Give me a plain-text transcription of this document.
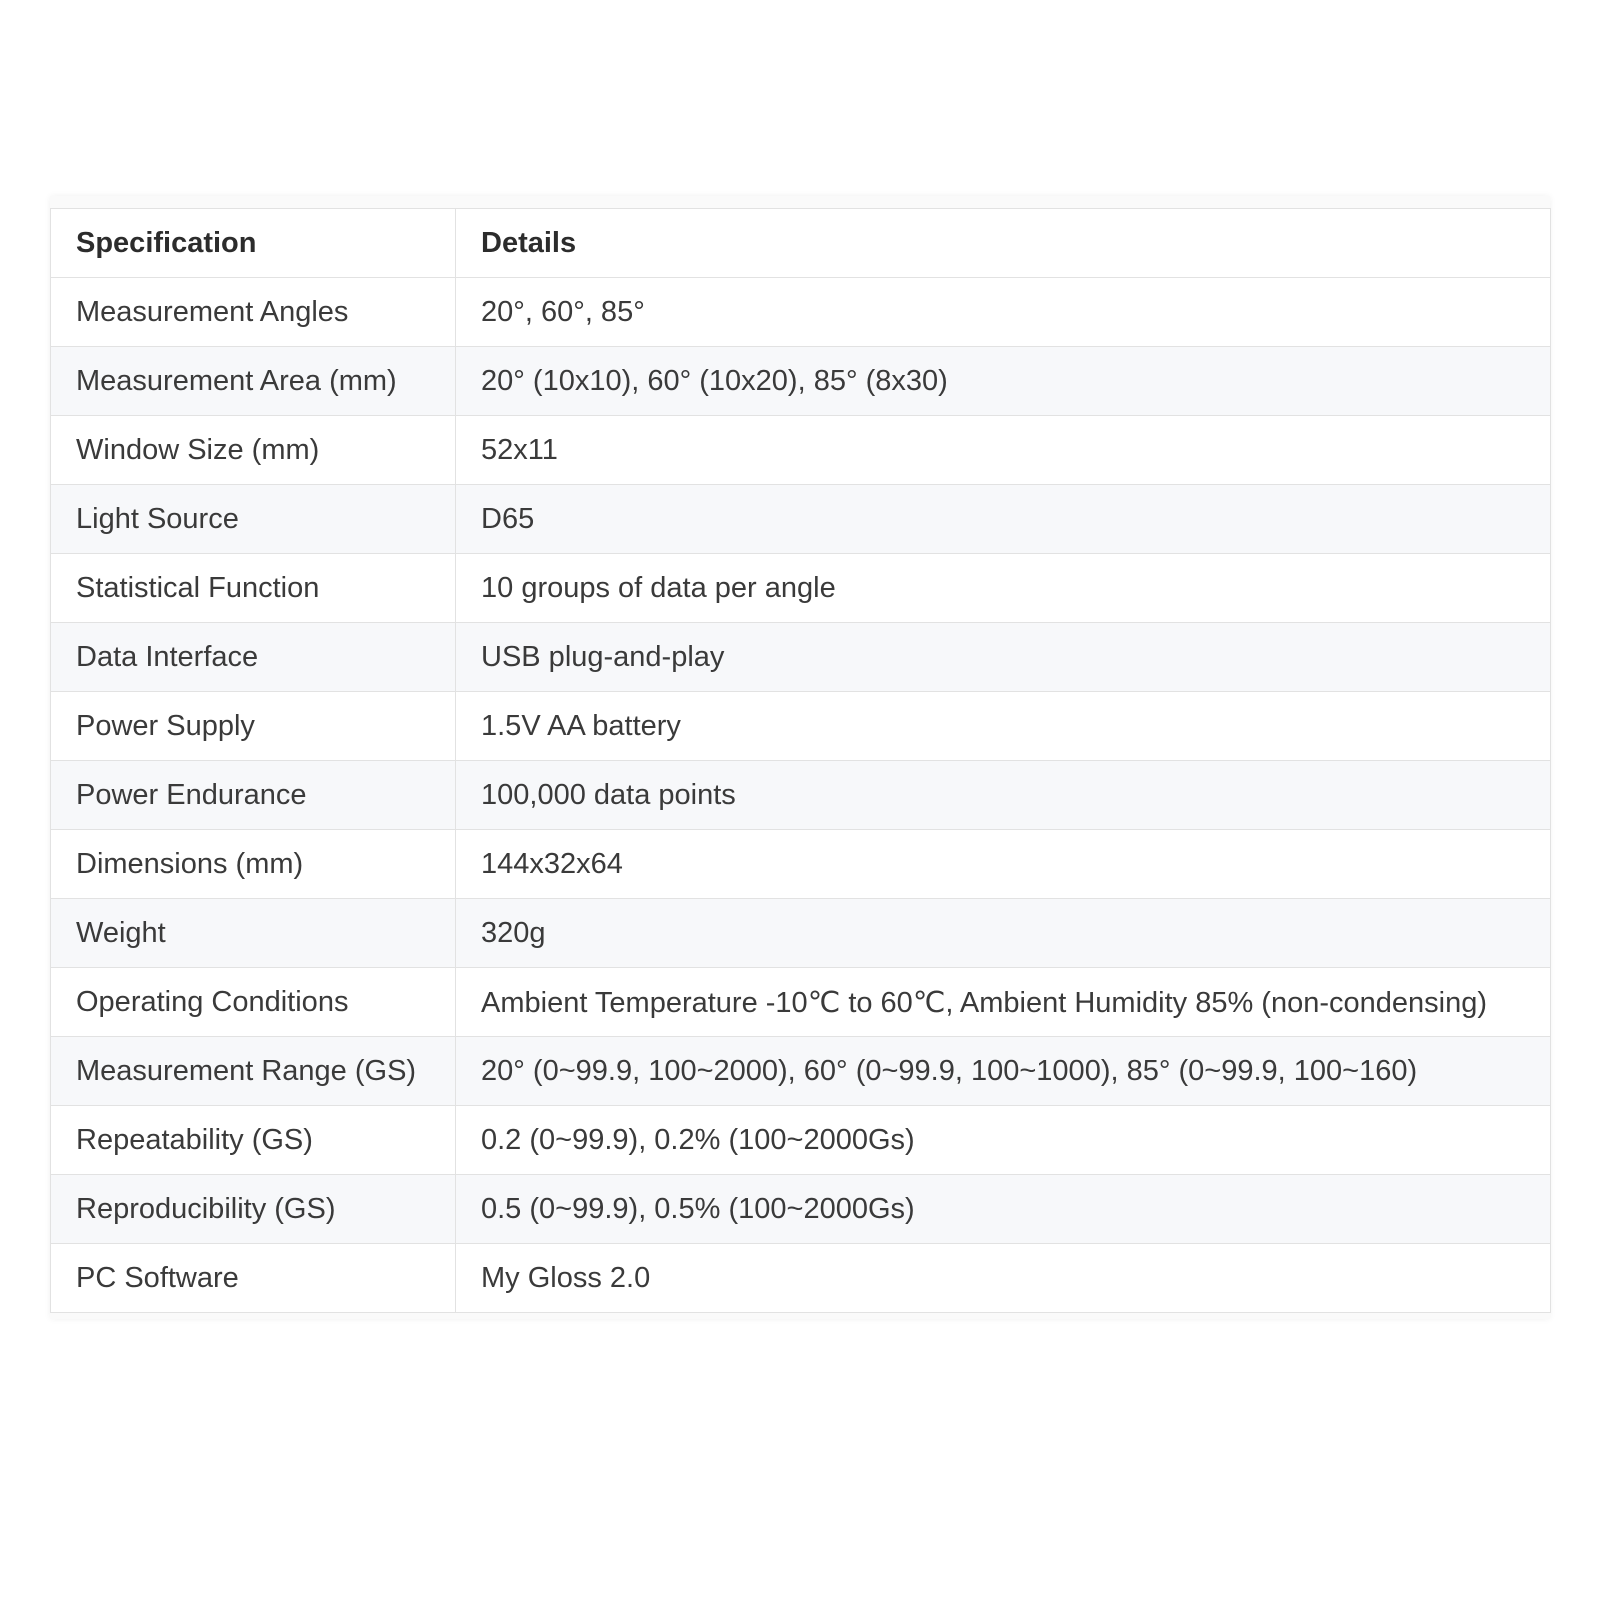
Specification	Details
Measurement Angles	20°, 60°, 85°
Measurement Area (mm)	20° (10x10), 60° (10x20), 85° (8x30)
Window Size (mm)	52x11
Light Source	D65
Statistical Function	10 groups of data per angle
Data Interface	USB plug-and-play
Power Supply	1.5V AA battery
Power Endurance	100,000 data points
Dimensions (mm)	144x32x64
Weight	320g
Operating Conditions	Ambient Temperature -10℃ to 60℃, Ambient Humidity 85% (non-condensing)
Measurement Range (GS)	20° (0~99.9, 100~2000), 60° (0~99.9, 100~1000), 85° (0~99.9, 100~160)
Repeatability (GS)	0.2 (0~99.9), 0.2% (100~2000Gs)
Reproducibility (GS)	0.5 (0~99.9), 0.5% (100~2000Gs)
PC Software	My Gloss 2.0
